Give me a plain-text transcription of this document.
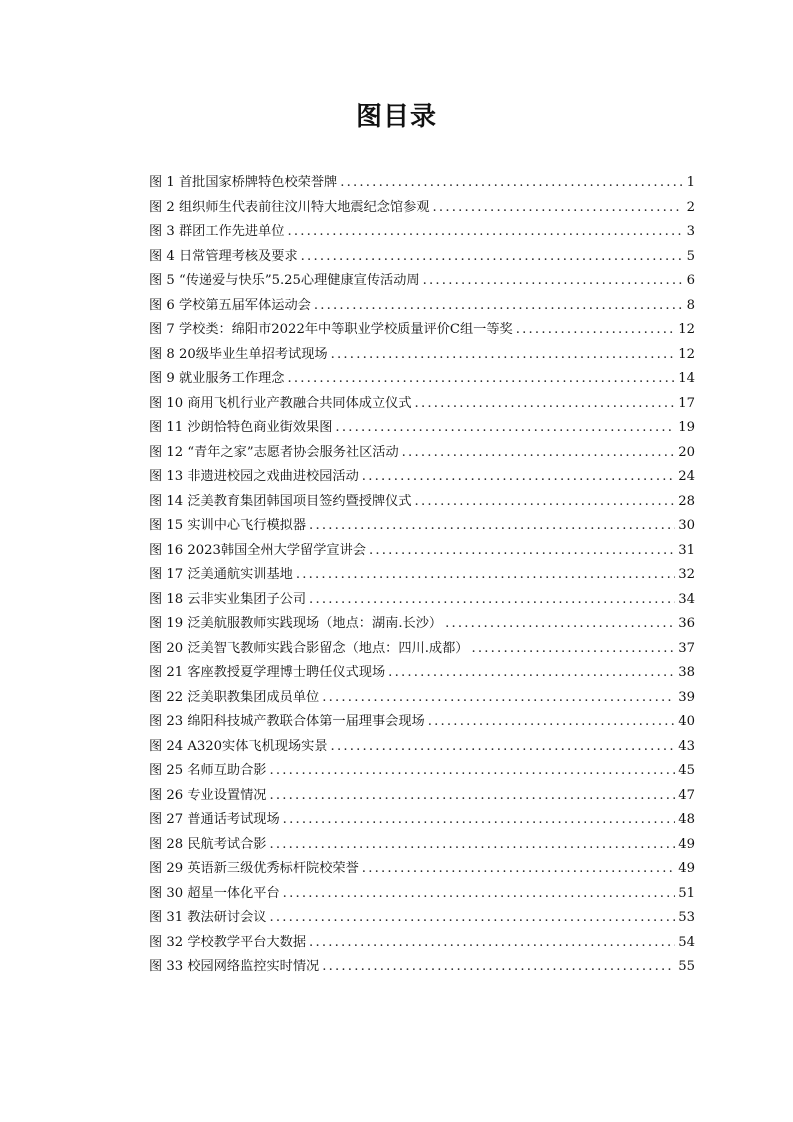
图目录
图 1 首批国家桥牌特色校荣誉牌 .....	1
图 2 组织师生代表前往汶川特大地震纪念馆参观 .....	2
图 3 群团工作先进单位 .....	3
图 4 日常管理考核及要求 .....	5
图 5 “传递爱与快乐”5.25心理健康宣传活动周 .....	6
图 6 学校第五届军体运动会 .....	8
图 7 学校类：绵阳市2022年中等职业学校质量评价C组一等奖 .....	12
图 8 20级毕业生单招考试现场 .....	12
图 9 就业服务工作理念 .....	14
图 10 商用飞机行业产教融合共同体成立仪式 .....	17
图 11 沙朗恰特色商业街效果图 .....	19
图 12 “青年之家”志愿者协会服务社区活动 .....	20
图 13 非遗进校园之戏曲进校园活动 .....	24
图 14 泛美教育集团韩国项目签约暨授牌仪式 .....	28
图 15 实训中心飞行模拟器 .....	30
图 16 2023韩国全州大学留学宣讲会 .....	31
图 17 泛美通航实训基地 .....	32
图 18 云非实业集团子公司 .....	34
图 19 泛美航服教师实践现场（地点：湖南.长沙） .....	36
图 20 泛美智飞教师实践合影留念（地点：四川.成都） .....	37
图 21 客座教授夏学理博士聘任仪式现场 .....	38
图 22 泛美职教集团成员单位 .....	39
图 23 绵阳科技城产教联合体第一届理事会现场 .....	40
图 24 A320实体飞机现场实景 .....	43
图 25 名师互助合影 .....	45
图 26 专业设置情况 .....	47
图 27 普通话考试现场 .....	48
图 28 民航考试合影 .....	49
图 29 英语新三级优秀标杆院校荣誉 .....	49
图 30 超星一体化平台 .....	51
图 31 教法研讨会议 .....	53
图 32 学校教学平台大数据 .....	54
图 33 校园网络监控实时情况 .....	55
